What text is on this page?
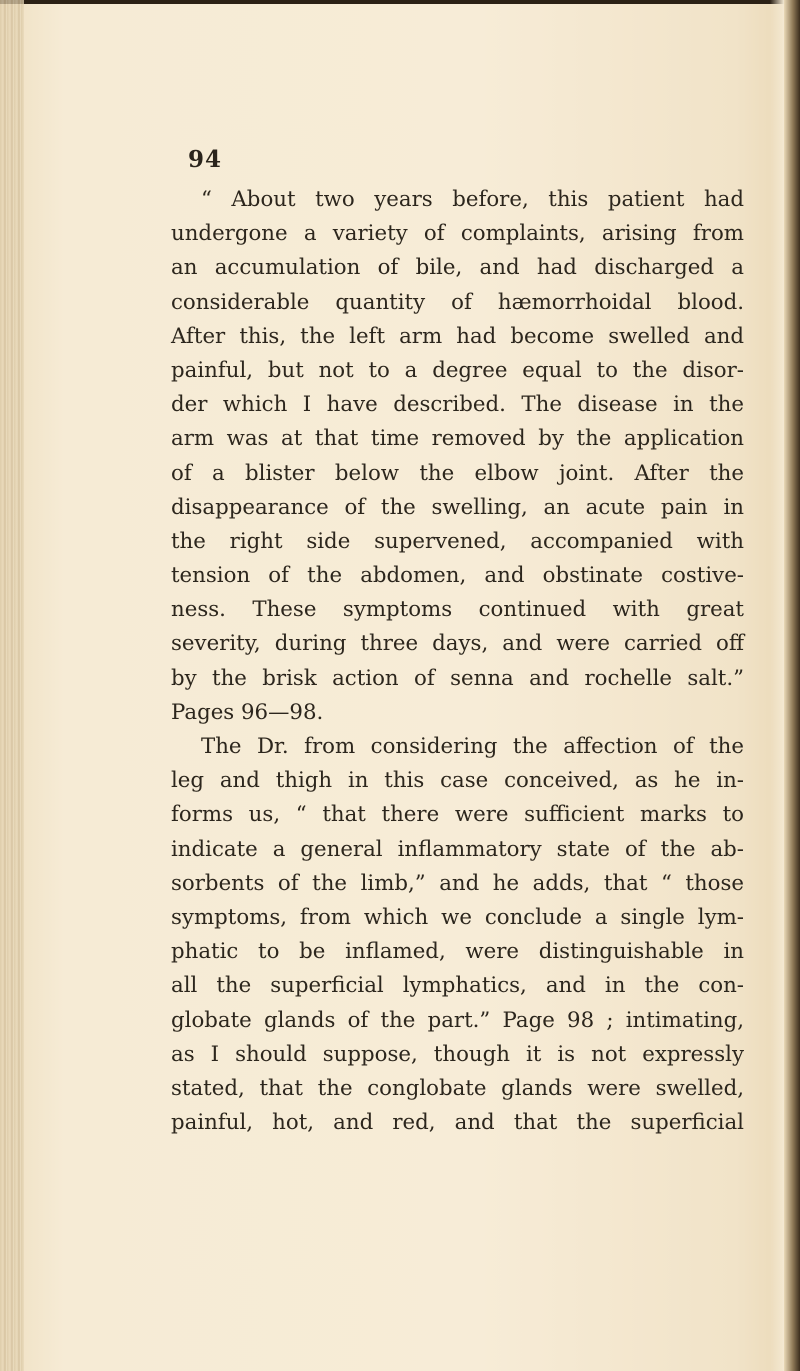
94

“ About two years before, this patient had
undergone a variety of complaints, arising from
an accumulation of bile, and had discharged a
considerable quantity of hæmorrhoidal blood.
After this, the left arm had become swelled and
painful, but not to a degree equal to the disor-
der which I have described. The disease in the
arm was at that time removed by the application
of a blister below the elbow joint. After the
disappearance of the swelling, an acute pain in
the right side supervened, accompanied with
tension of the abdomen, and obstinate costive-
ness. These symptoms continued with great
severity, during three days, and were carried off
by the brisk action of senna and rochelle salt.”
Pages 96—98.
The Dr. from considering the affection of the
leg and thigh in this case conceived, as he in-
forms us, “ that there were sufficient marks to
indicate a general inflammatory state of the ab-
sorbents of the limb,” and he adds, that “ those
symptoms, from which we conclude a single lym-
phatic to be inflamed, were distinguishable in
all the superficial lymphatics, and in the con-
globate glands of the part.” Page 98 ; intimating,
as I should suppose, though it is not expressly
stated, that the conglobate glands were swelled,
painful, hot, and red, and that the superficial
